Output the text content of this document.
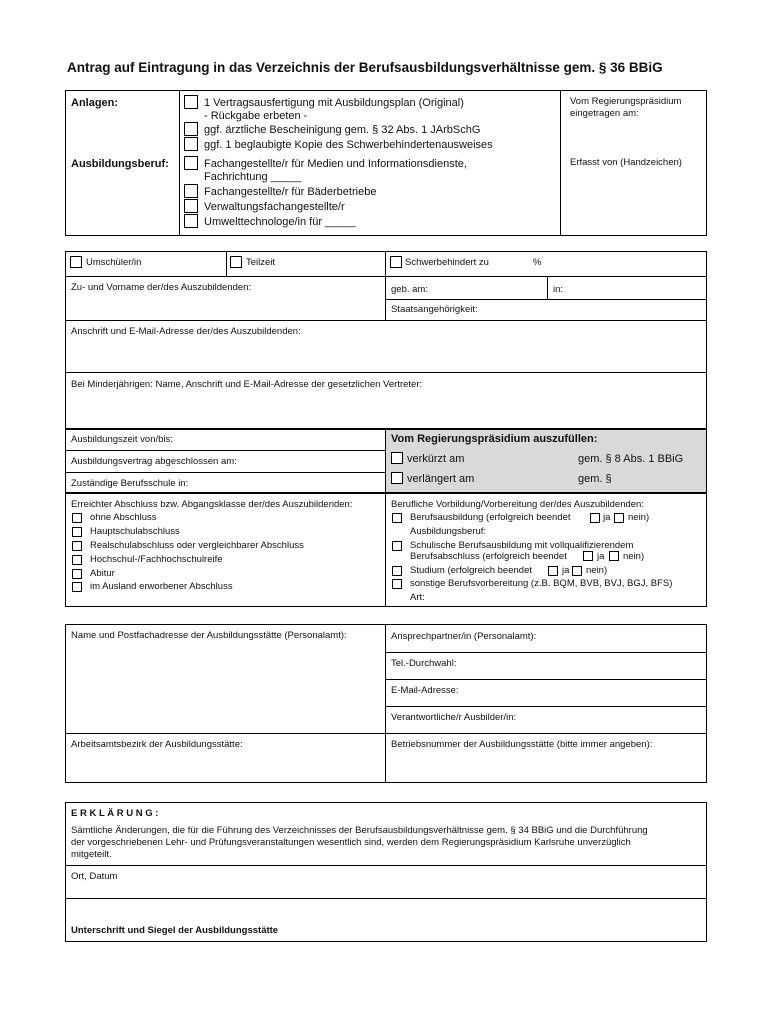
Antrag auf Eintragung in das Verzeichnis der Berufsausbildungsverhältnisse gem. § 36 BBiG
Anlagen:	1 Vertragsausfertigung mit Ausbildungsplan (Original)
- Rückgabe erbeten -
ggf. ärztliche Bescheinigung gem. § 32 Abs. 1 JArbSchG
ggf. 1 beglaubigte Kopie des Schwerbehindertenausweises
Ausbildungsberuf:	Fachangestellte/r für Medien und Informationsdienste,
Fachrichtung _____
Fachangestellte/r für Bäderbetriebe
Verwaltungsfachangestellte/r
Umwelttechnologe/in für _____
Vom Regierungspräsidium
eingetragen am:
Erfasst von (Handzeichen)
Umschüler/in	Teilzeit	Schwerbehindert zu	%
Zu- und Vorname der/des Auszubildenden:	geb. am:	in:
Staatsangehörigkeit:
Anschrift und E-Mail-Adresse der/des Auszubildenden:
Bei Minderjährigen: Name, Anschrift und E-Mail-Adresse der gesetzlichen Vertreter:
Ausbildungszeit von/bis:
Ausbildungsvertrag abgeschlossen am:
Zuständige Berufsschule in:
Vom Regierungspräsidium auszufüllen:
verkürzt am	gem. § 8 Abs. 1 BBiG
verlängert am	gem. §
Erreichter Abschluss bzw. Abgangsklasse der/des Auszubildenden:
ohne Abschluss
Hauptschulabschluss
Realschulabschluss oder vergleichbarer Abschluss
Hochschul-/Fachhochschulreife
Abitur
im Ausland erworbener Abschluss
Berufliche Vorbildung/Vorbereitung der/des Auszubildenden:
Berufsausbildung (erfolgreich beendet	ja nein)
Ausbildungsberuf:
Schulische Berufsausbildung mit vollqualifizierendem
Berufsabschluss (erfolgreich beendet	ja nein)
Studium (erfolgreich beendet	ja nein)
sonstige Berufsvorbereitung (z.B. BQM, BVB, BVJ, BGJ, BFS)
Art:
Name und Postfachadresse der Ausbildungsstätte (Personalamt):	Ansprechpartner/in (Personalamt):
Tel.-Durchwahl:
E-Mail-Adresse:
Verantwortliche/r Ausbilder/in:
Arbeitsamtsbezirk der Ausbildungsstätte:	Betriebsnummer der Ausbildungsstätte (bitte immer angeben):
E R K L Ä R U N G :
Sämtliche Änderungen, die für die Führung des Verzeichnisses der Berufsausbildungsverhältnisse gem. § 34 BBiG und die Durchführung
der vorgeschriebenen Lehr- und Prüfungsveranstaltungen wesentlich sind, werden dem Regierungspräsidium Karlsruhe unverzüglich
mitgeteilt.
Ort, Datum
Unterschrift und Siegel der Ausbildungsstätte
